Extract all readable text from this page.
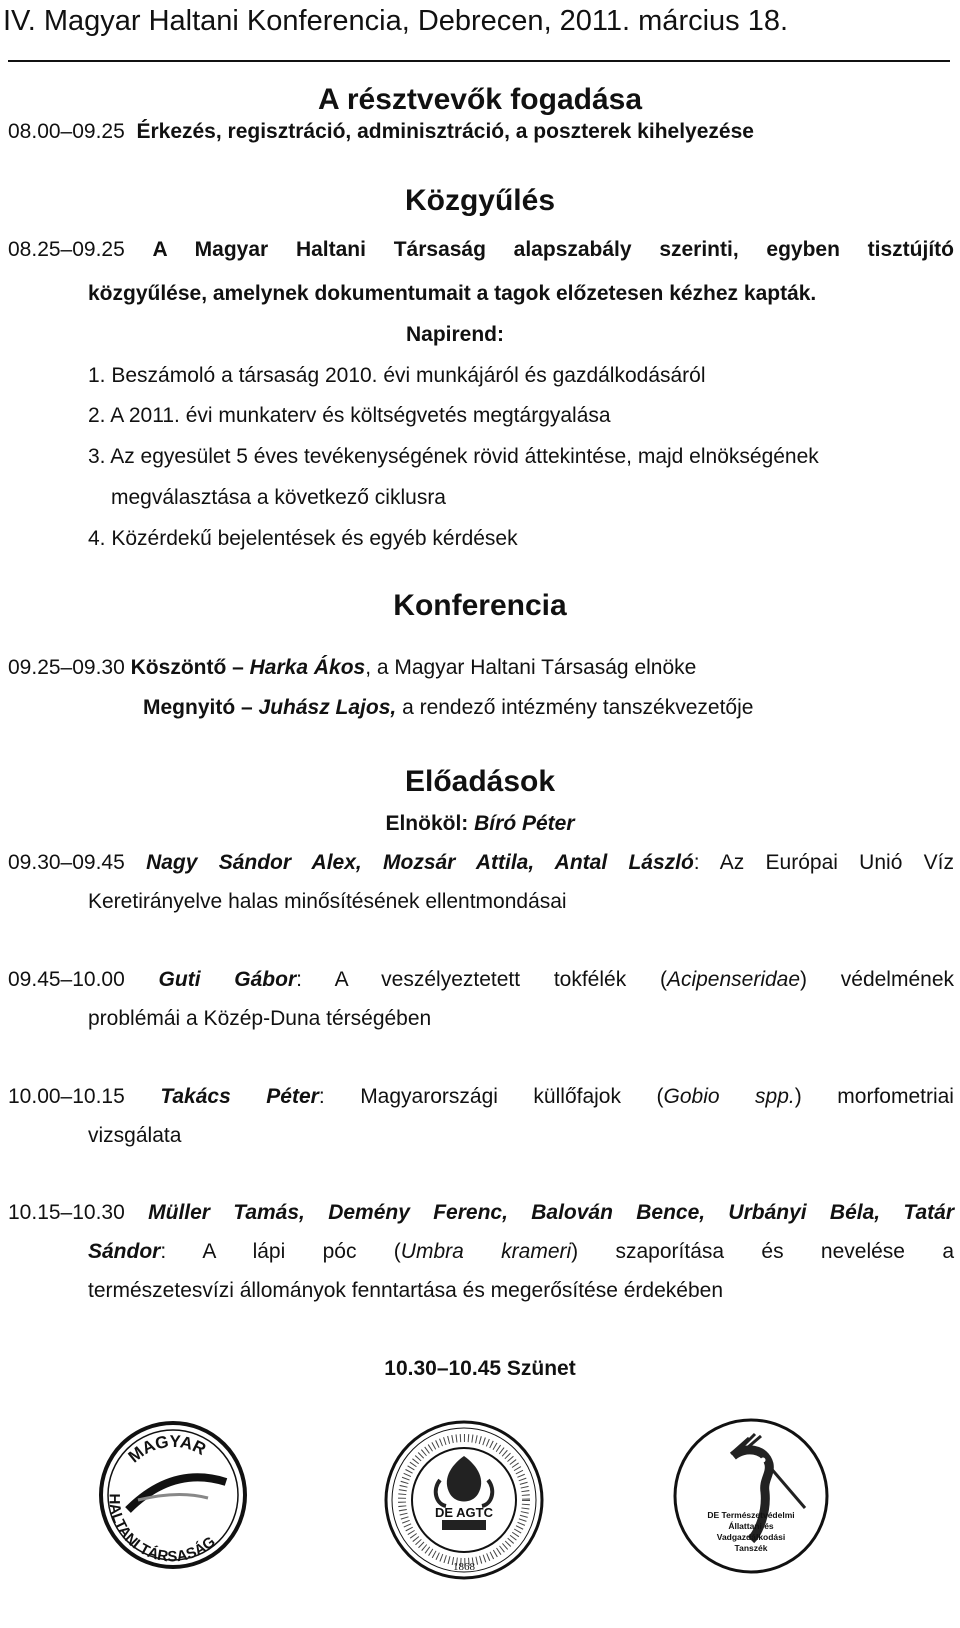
IV. Magyar Haltani Konferencia, Debrecen, 2011. március 18.
A résztvevők fogadása
08.00–09.25 Érkezés, regisztráció, adminisztráció, a poszterek kihelyezése
Közgyűlés
08.25–09.25 A Magyar Haltani Társaság alapszabály szerinti, egyben tisztújító
közgyűlése, amelynek dokumentumait a tagok előzetesen kézhez kapták.
Napirend:
1. Beszámoló a társaság 2010. évi munkájáról és gazdálkodásáról
2. A 2011. évi munkaterv és költségvetés megtárgyalása
3. Az egyesület 5 éves tevékenységének rövid áttekintése, majd elnökségének
megválasztása a következő ciklusra
4. Közérdekű bejelentések és egyéb kérdések
Konferencia
09.25–09.30 Köszöntő – Harka Ákos, a Magyar Haltani Társaság elnöke
Megnyitó – Juhász Lajos, a rendező intézmény tanszékvezetője
Előadások
Elnököl: Bíró Péter
09.30–09.45 Nagy Sándor Alex, Mozsár Attila, Antal László: Az Európai Unió Víz
Keretirányelve halas minősítésének ellentmondásai
09.45–10.00 Guti Gábor: A veszélyeztetett tokfélék (Acipenseridae) védelmének
problémái a Közép-Duna térségében
10.00–10.15 Takács Péter: Magyarországi küllőfajok (Gobio spp.) morfometriai
vizsgálata
10.15–10.30 Müller Tamás, Demény Ferenc, Balován Bence, Urbányi Béla, Tatár
Sándor: A lápi póc (Umbra krameri) szaporítása és nevelése a
természetesvízi állományok fenntartása és megerősítése érdekében
10.30–10.45 Szünet
MAGYAR
HALTANI TÁRSASÁG
DE AGTC
1868
DE Természetvédelmi
Állattani és
Vadgazdálkodási
Tanszék
